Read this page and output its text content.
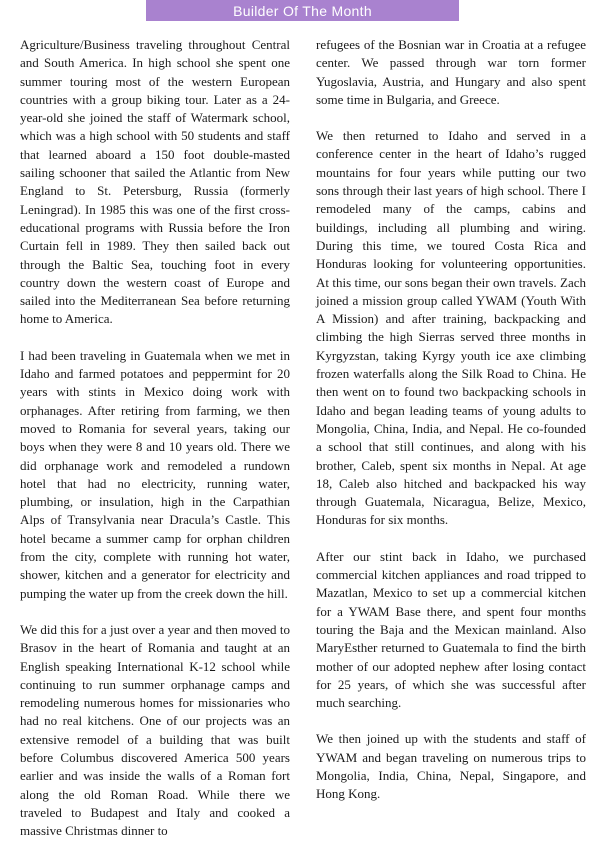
Builder Of The Month

Agriculture/Business traveling throughout Central and South America. In high school she spent one summer touring most of the western European countries with a group biking tour. Later as a 24-year-old she joined the staff of Watermark school, which was a high school with 50 students and staff that learned aboard a 150 foot double-masted sailing schooner that sailed the Atlantic from New England to St. Petersburg, Russia (formerly Leningrad). In 1985 this was one of the first cross-educational programs with Russia before the Iron Curtain fell in 1989. They then sailed back out through the Baltic Sea, touching foot in every country down the western coast of Europe and sailed into the Mediterranean Sea before returning home to America.

I had been traveling in Guatemala when we met in Idaho and farmed potatoes and peppermint for 20 years with stints in Mexico doing work with orphanages. After retiring from farming, we then moved to Romania for several years, taking our boys when they were 8 and 10 years old. There we did orphanage work and remodeled a rundown hotel that had no electricity, running water, plumbing, or insulation, high in the Carpathian Alps of Transylvania near Dracula’s Castle. This hotel became a summer camp for orphan children from the city, complete with running hot water, shower, kitchen and a generator for electricity and pumping the water up from the creek down the hill.

We did this for a just over a year and then moved to Brasov in the heart of Romania and taught at an English speaking International K-12 school while continuing to run summer orphanage camps and remodeling numerous homes for missionaries who had no real kitchens. One of our projects was an extensive remodel of a building that was built before Columbus discovered America 500 years earlier and was inside the walls of a Roman fort along the old Roman Road. While there we traveled to Budapest and Italy and cooked a massive Christmas dinner to

refugees of the Bosnian war in Croatia at a refugee center. We passed through war torn former Yugoslavia, Austria, and Hungary and also spent some time in Bulgaria, and Greece.

We then returned to Idaho and served in a conference center in the heart of Idaho’s rugged mountains for four years while putting our two sons through their last years of high school. There I remodeled many of the camps, cabins and buildings, including all plumbing and wiring. During this time, we toured Costa Rica and Honduras looking for volunteering opportunities. At this time, our sons began their own travels. Zach joined a mission group called YWAM (Youth With A Mission) and after training, backpacking and climbing the high Sierras served three months in Kyrgyzstan, taking Kyrgy youth ice axe climbing frozen waterfalls along the Silk Road to China. He then went on to found two backpacking schools in Idaho and began leading teams of young adults to Mongolia, China, India, and Nepal. He co-founded a school that still continues, and along with his brother, Caleb, spent six months in Nepal. At age 18, Caleb also hitched and backpacked his way through Guatemala, Nicaragua, Belize, Mexico, Honduras for six months.

After our stint back in Idaho, we purchased commercial kitchen appliances and road tripped to Mazatlan, Mexico to set up a commercial kitchen for a YWAM Base there, and spent four months touring the Baja and the Mexican mainland. Also MaryEsther returned to Guatemala to find the birth mother of our adopted nephew after losing contact for 25 years, of which she was successful after much searching.

We then joined up with the students and staff of YWAM and began traveling on numerous trips to Mongolia, India, China, Nepal, Singapore, and Hong Kong.
